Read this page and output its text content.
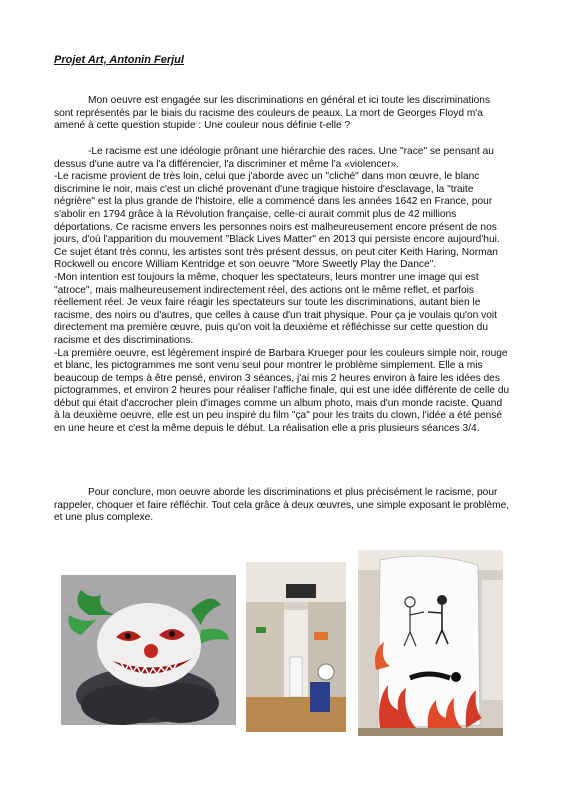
Projet Art, Antonin Ferjul

Mon oeuvre est engagée sur les discriminations en général et ici toute les discriminations sont représentés par le biais du racisme des couleurs de peaux. La mort de Georges Floyd m'a amené à cette question stupide : Une couleur nous définie t-elle ?

-Le racisme est une idéologie prônant une hiérarchie des races. Une "race" se pensant au dessus d'une autre va l'a différencier, l'a discriminer et même l'a «violencer».
-Le racisme provient de très loin, celui que j'aborde avec un "cliché" dans mon œuvre, le blanc discrimine le noir, mais c'est un cliché provenant d'une tragique histoire d'esclavage, la "traite négrière" est la plus grande de l'histoire, elle a commencé dans les années 1642 en France, pour s'abolir en 1794 grâce à la Révolution française, celle-ci aurait commit plus de 42 millions déportations. Ce racisme envers les personnes noirs est malheureusement encore présent de nos jours, d'où l'apparition du mouvement "Black Lives Matter" en 2013 qui persiste encore aujourd'hui. Ce sujet étant très connu, les artistes sont très présent dessus, on peut citer Keith Haring, Norman Rockwell ou encore William Kentridge et son oeuvre "More Sweetly Play the Dance".
-Mon intention est toujours la même, choquer les spectateurs, leurs montrer une image qui est "atroce", mais malheureusement indirectement réel, des actions ont le même reflet, et parfois réellement réel. Je veux faire réagir les spectateurs sur toute les discriminations, autant bien le racisme, des noirs ou d'autres, que celles à cause d'un trait physique. Pour ça je voulais qu'on voit directement ma première œuvre, puis qu'on voit la deuxième et réfléchisse sur cette question du racisme et des discriminations.
-La première oeuvre, est légèrement inspiré de Barbara Krueger pour les couleurs simple noir, rouge et blanc, les pictogrammes me sont venu seul pour montrer le problème simplement. Elle a mis beaucoup de temps à être pensé, environ 3 séances, j'ai mis 2 heures environ à faire les idées des pictogrammes, et environ 2 heures pour réaliser l'affiche finale, qui est une idée différente de celle du début qui était d'accrocher plein d'images comme un album photo, mais d'un monde raciste. Quand à la deuxième oeuvre, elle est un peu inspiré du film "ça" pour les traits du clown, l'idée a été pensé en une heure et c'est la même depuis le début. La réalisation elle a pris plusieurs séances 3/4.

Pour conclure, mon oeuvre aborde les discriminations et plus précisément le racisme, pour rappeler, choquer et faire réfléchir. Tout cela grâce à deux œuvres, une simple exposant le problème, et une plus complexe.
